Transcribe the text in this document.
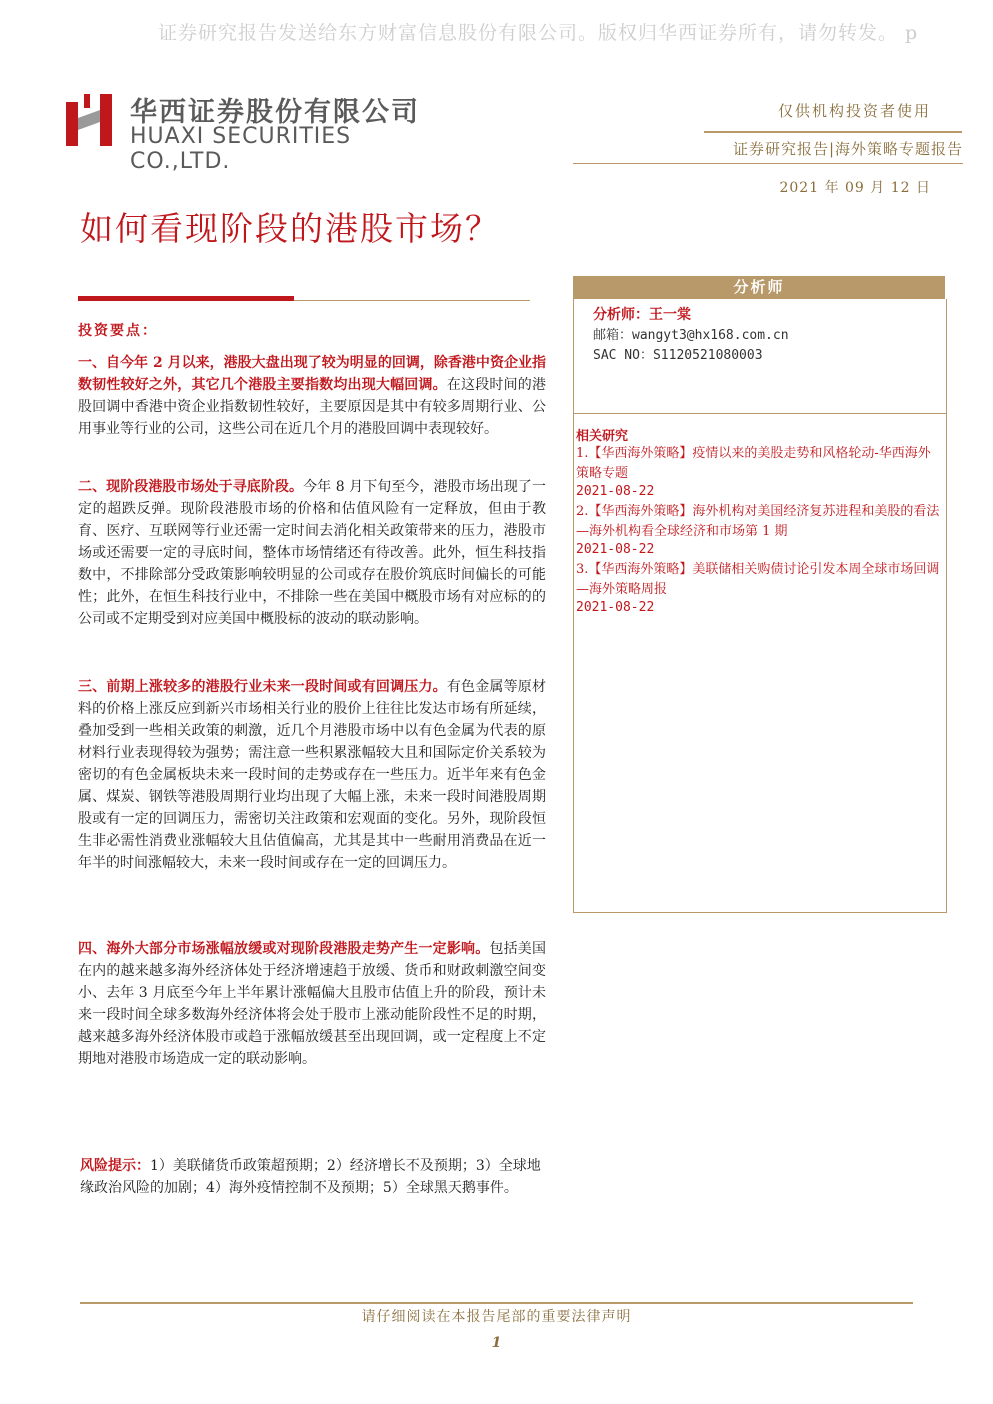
证券研究报告发送给东方财富信息股份有限公司。版权归华西证券所有，请勿转发。 p
华西证券股份有限公司
HUAXI SECURITIES CO.,LTD.
仅供机构投资者使用
证券研究报告|海外策略专题报告
2021 年 09 月 12 日
如何看现阶段的港股市场？
投资要点：
一、自今年 2 月以来，港股大盘出现了较为明显的回调，除香港中资企业指数韧性较好之外，其它几个港股主要指数均出现大幅回调。在这段时间的港股回调中香港中资企业指数韧性较好，主要原因是其中有较多周期行业、公用事业等行业的公司，这些公司在近几个月的港股回调中表现较好。
二、现阶段港股市场处于寻底阶段。今年 8 月下旬至今，港股市场出现了一定的超跌反弹。现阶段港股市场的价格和估值风险有一定释放，但由于教育、医疗、互联网等行业还需一定时间去消化相关政策带来的压力，港股市场或还需要一定的寻底时间，整体市场情绪还有待改善。此外，恒生科技指数中，不排除部分受政策影响较明显的公司或存在股价筑底时间偏长的可能性；此外，在恒生科技行业中，不排除一些在美国中概股市场有对应标的的公司或不定期受到对应美国中概股标的波动的联动影响。
三、前期上涨较多的港股行业未来一段时间或有回调压力。有色金属等原材料的价格上涨反应到新兴市场相关行业的股价上往往比发达市场有所延续，叠加受到一些相关政策的刺激，近几个月港股市场中以有色金属为代表的原材料行业表现得较为强势；需注意一些积累涨幅较大且和国际定价关系较为密切的有色金属板块未来一段时间的走势或存在一些压力。近半年来有色金属、煤炭、钢铁等港股周期行业均出现了大幅上涨，未来一段时间港股周期股或有一定的回调压力，需密切关注政策和宏观面的变化。另外，现阶段恒生非必需性消费业涨幅较大且估值偏高，尤其是其中一些耐用消费品在近一年半的时间涨幅较大，未来一段时间或存在一定的回调压力。
四、海外大部分市场涨幅放缓或对现阶段港股走势产生一定影响。包括美国在内的越来越多海外经济体处于经济增速趋于放缓、货币和财政刺激空间变小、去年 3 月底至今年上半年累计涨幅偏大且股市估值上升的阶段，预计未来一段时间全球多数海外经济体将会处于股市上涨动能阶段性不足的时期，越来越多海外经济体股市或趋于涨幅放缓甚至出现回调，或一定程度上不定期地对港股市场造成一定的联动影响。
分析师
分析师：王一棠
邮箱：wangyt3@hx168.com.cn
SAC NO：S1120521080003
相关研究
1.【华西海外策略】疫情以来的美股走势和风格轮动-华西海外策略专题
2021-08-22
2.【华西海外策略】海外机构对美国经济复苏进程和美股的看法—海外机构看全球经济和市场第 1 期
2021-08-22
3.【华西海外策略】美联储相关购债讨论引发本周全球市场回调—海外策略周报
2021-08-22
风险提示：1）美联储货币政策超预期；2）经济增长不及预期；3）全球地缘政治风险的加剧；4）海外疫情控制不及预期；5）全球黑天鹅事件。
请仔细阅读在本报告尾部的重要法律声明
1
